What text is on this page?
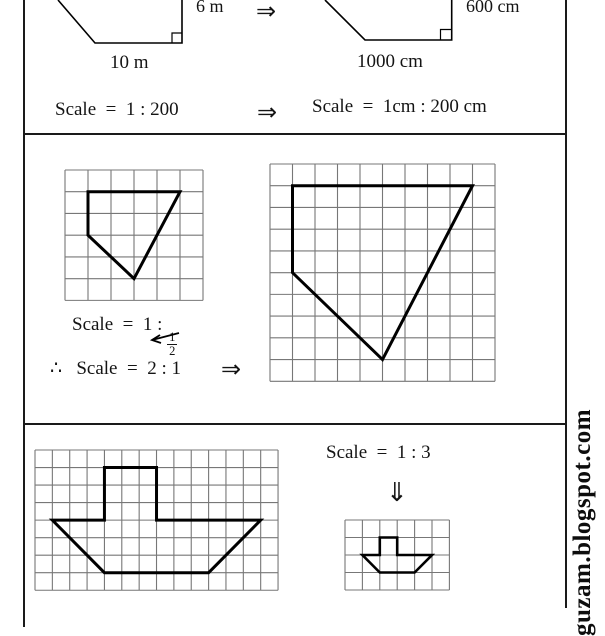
6 m ⇒	600 cm
10 m	1000 cm
Scale  =  1 : 200	⇒ Scale  =  1cm : 200 cm
Scale  =  1 :
$\frac{1}{2}$
∴   Scale  =  2 : 1 ⇒
Scale  =  1 : 3
⇓	guzam.blogspot.com
